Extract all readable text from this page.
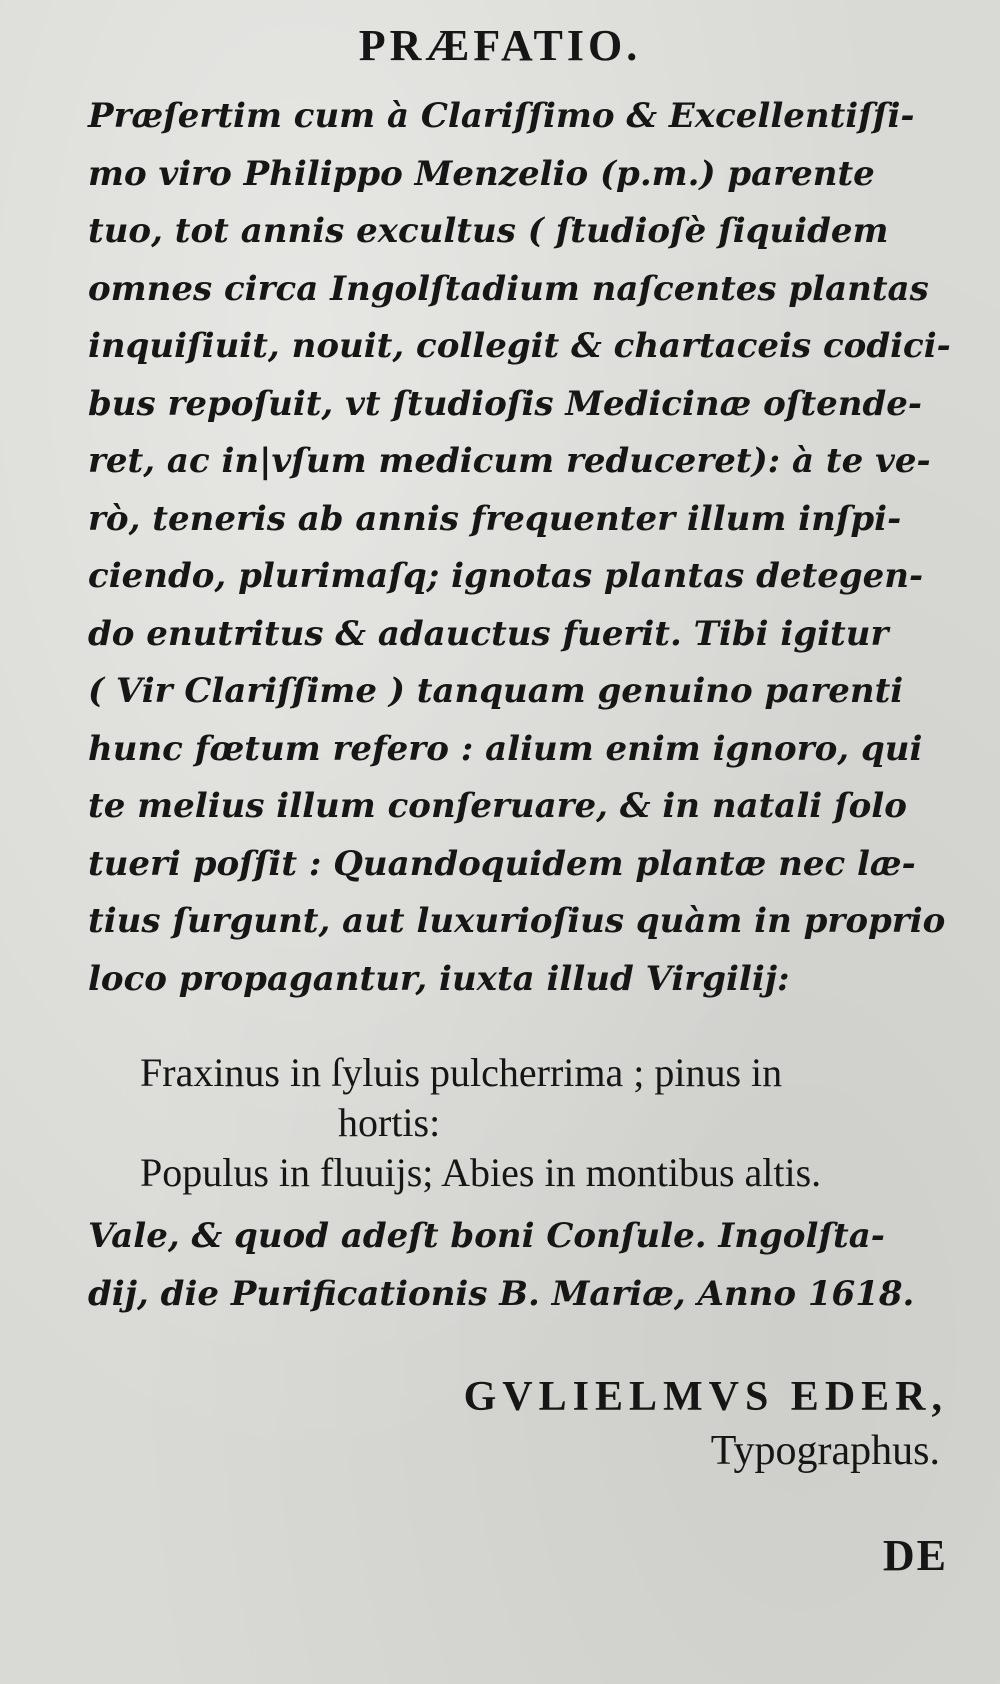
PRÆFATIO.

Præſertim cum à Clariſſimo & Excellentiſſi-
mo viro Philippo Menzelio (p.m.) parente
tuo, tot annis excultus ( ſtudioſè ſiquidem
omnes circa Ingolſtadium naſcentes plantas
inquiſiuit, nouit, collegit & chartaceis codici-
bus repoſuit, vt ſtudioſis Medicinæ oſtende-
ret, ac in|vſum medicum reduceret): à te ve-
rò, teneris ab annis frequenter illum inſpi-
ciendo, plurimaſq; ignotas plantas detegen-
do enutritus & adauctus fuerit. Tibi igitur
( Vir Clariſſime ) tanquam genuino parenti
hunc fœtum refero : alium enim ignoro, qui
te melius illum conſeruare, & in natali ſolo
tueri poſſit : Quandoquidem plantæ nec læ-
tius ſurgunt, aut luxurioſius quàm in proprio
loco propagantur, iuxta illud Virgilij:

Fraxinus in ſyluis pulcherrima ; pinus in
hortis:
Populus in fluuijs; Abies in montibus altis.

Vale, & quod adeſt boni Conſule. Ingolſta-
dij, die Purificationis B. Mariæ, Anno 1618.

GVLIELMVS EDER,
Typographus.
DE
